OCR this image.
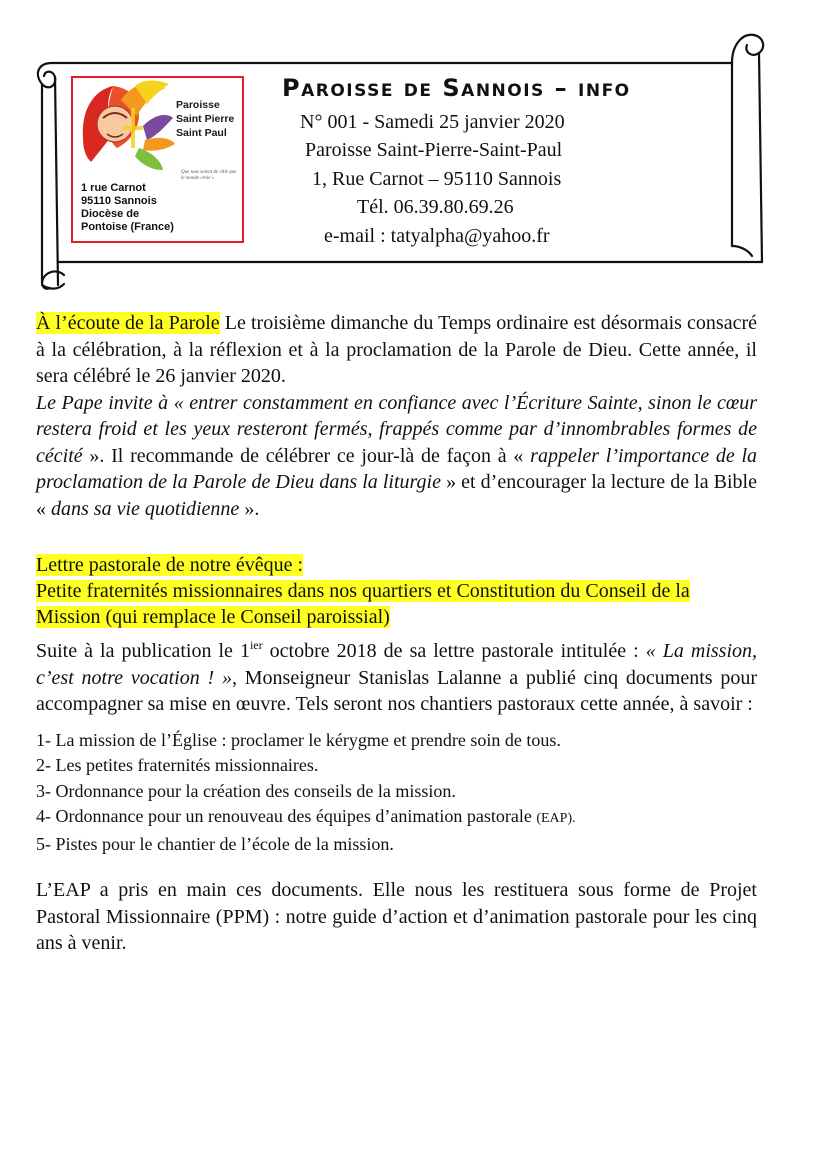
Paroisse
Saint Pierre
Saint Paul
Que tous soient de ville que le monde croie »
1 rue Carnot
95110 Sannois
Diocèse de
Pontoise (France)
Paroisse de Sannois – info
N° 001 - Samedi 25 janvier 2020
Paroisse Saint-Pierre-Saint-Paul
1, Rue Carnot – 95110 Sannois
Tél. 06.39.80.69.26
e-mail : tatyalpha@yahoo.fr

À l’écoute de la Parole Le troisième dimanche du Temps ordinaire est désormais consacré à la célébration, à la réflexion et à la proclamation de la Parole de Dieu. Cette année, il sera célébré le 26 janvier 2020.
Le Pape invite à « entrer constamment en confiance avec l’Écriture Sainte, sinon le cœur restera froid et les yeux resteront fermés, frappés comme par d’innombrables formes de cécité ». Il recommande de célébrer ce jour-là de façon à « rappeler l’importance de la proclamation de la Parole de Dieu dans la liturgie » et d’encourager la lecture de la Bible « dans sa vie quotidienne ».

Lettre pastorale de notre évêque :
Petite fraternités missionnaires dans nos quartiers et Constitution du Conseil de la Mission (qui remplace le Conseil paroissial)

Suite à la publication le $1^{ier}$ octobre 2018 de sa lettre pastorale intitulée : « La mission, c’est notre vocation ! », Monseigneur Stanislas Lalanne a publié cinq documents pour accompagner sa mise en œuvre. Tels seront nos chantiers pastoraux cette année, à savoir :

1- La mission de l’Église : proclamer le kérygme et prendre soin de tous.
2- Les petites fraternités missionnaires.
3- Ordonnance pour la création des conseils de la mission.
4- Ordonnance pour un renouveau des équipes d’animation pastorale (EAP).
5- Pistes pour le chantier de l’école de la mission.

L’EAP a pris en main ces documents. Elle nous les restituera sous forme de Projet Pastoral Missionnaire (PPM) : notre guide d’action et d’animation pastorale pour les cinq ans à venir.
